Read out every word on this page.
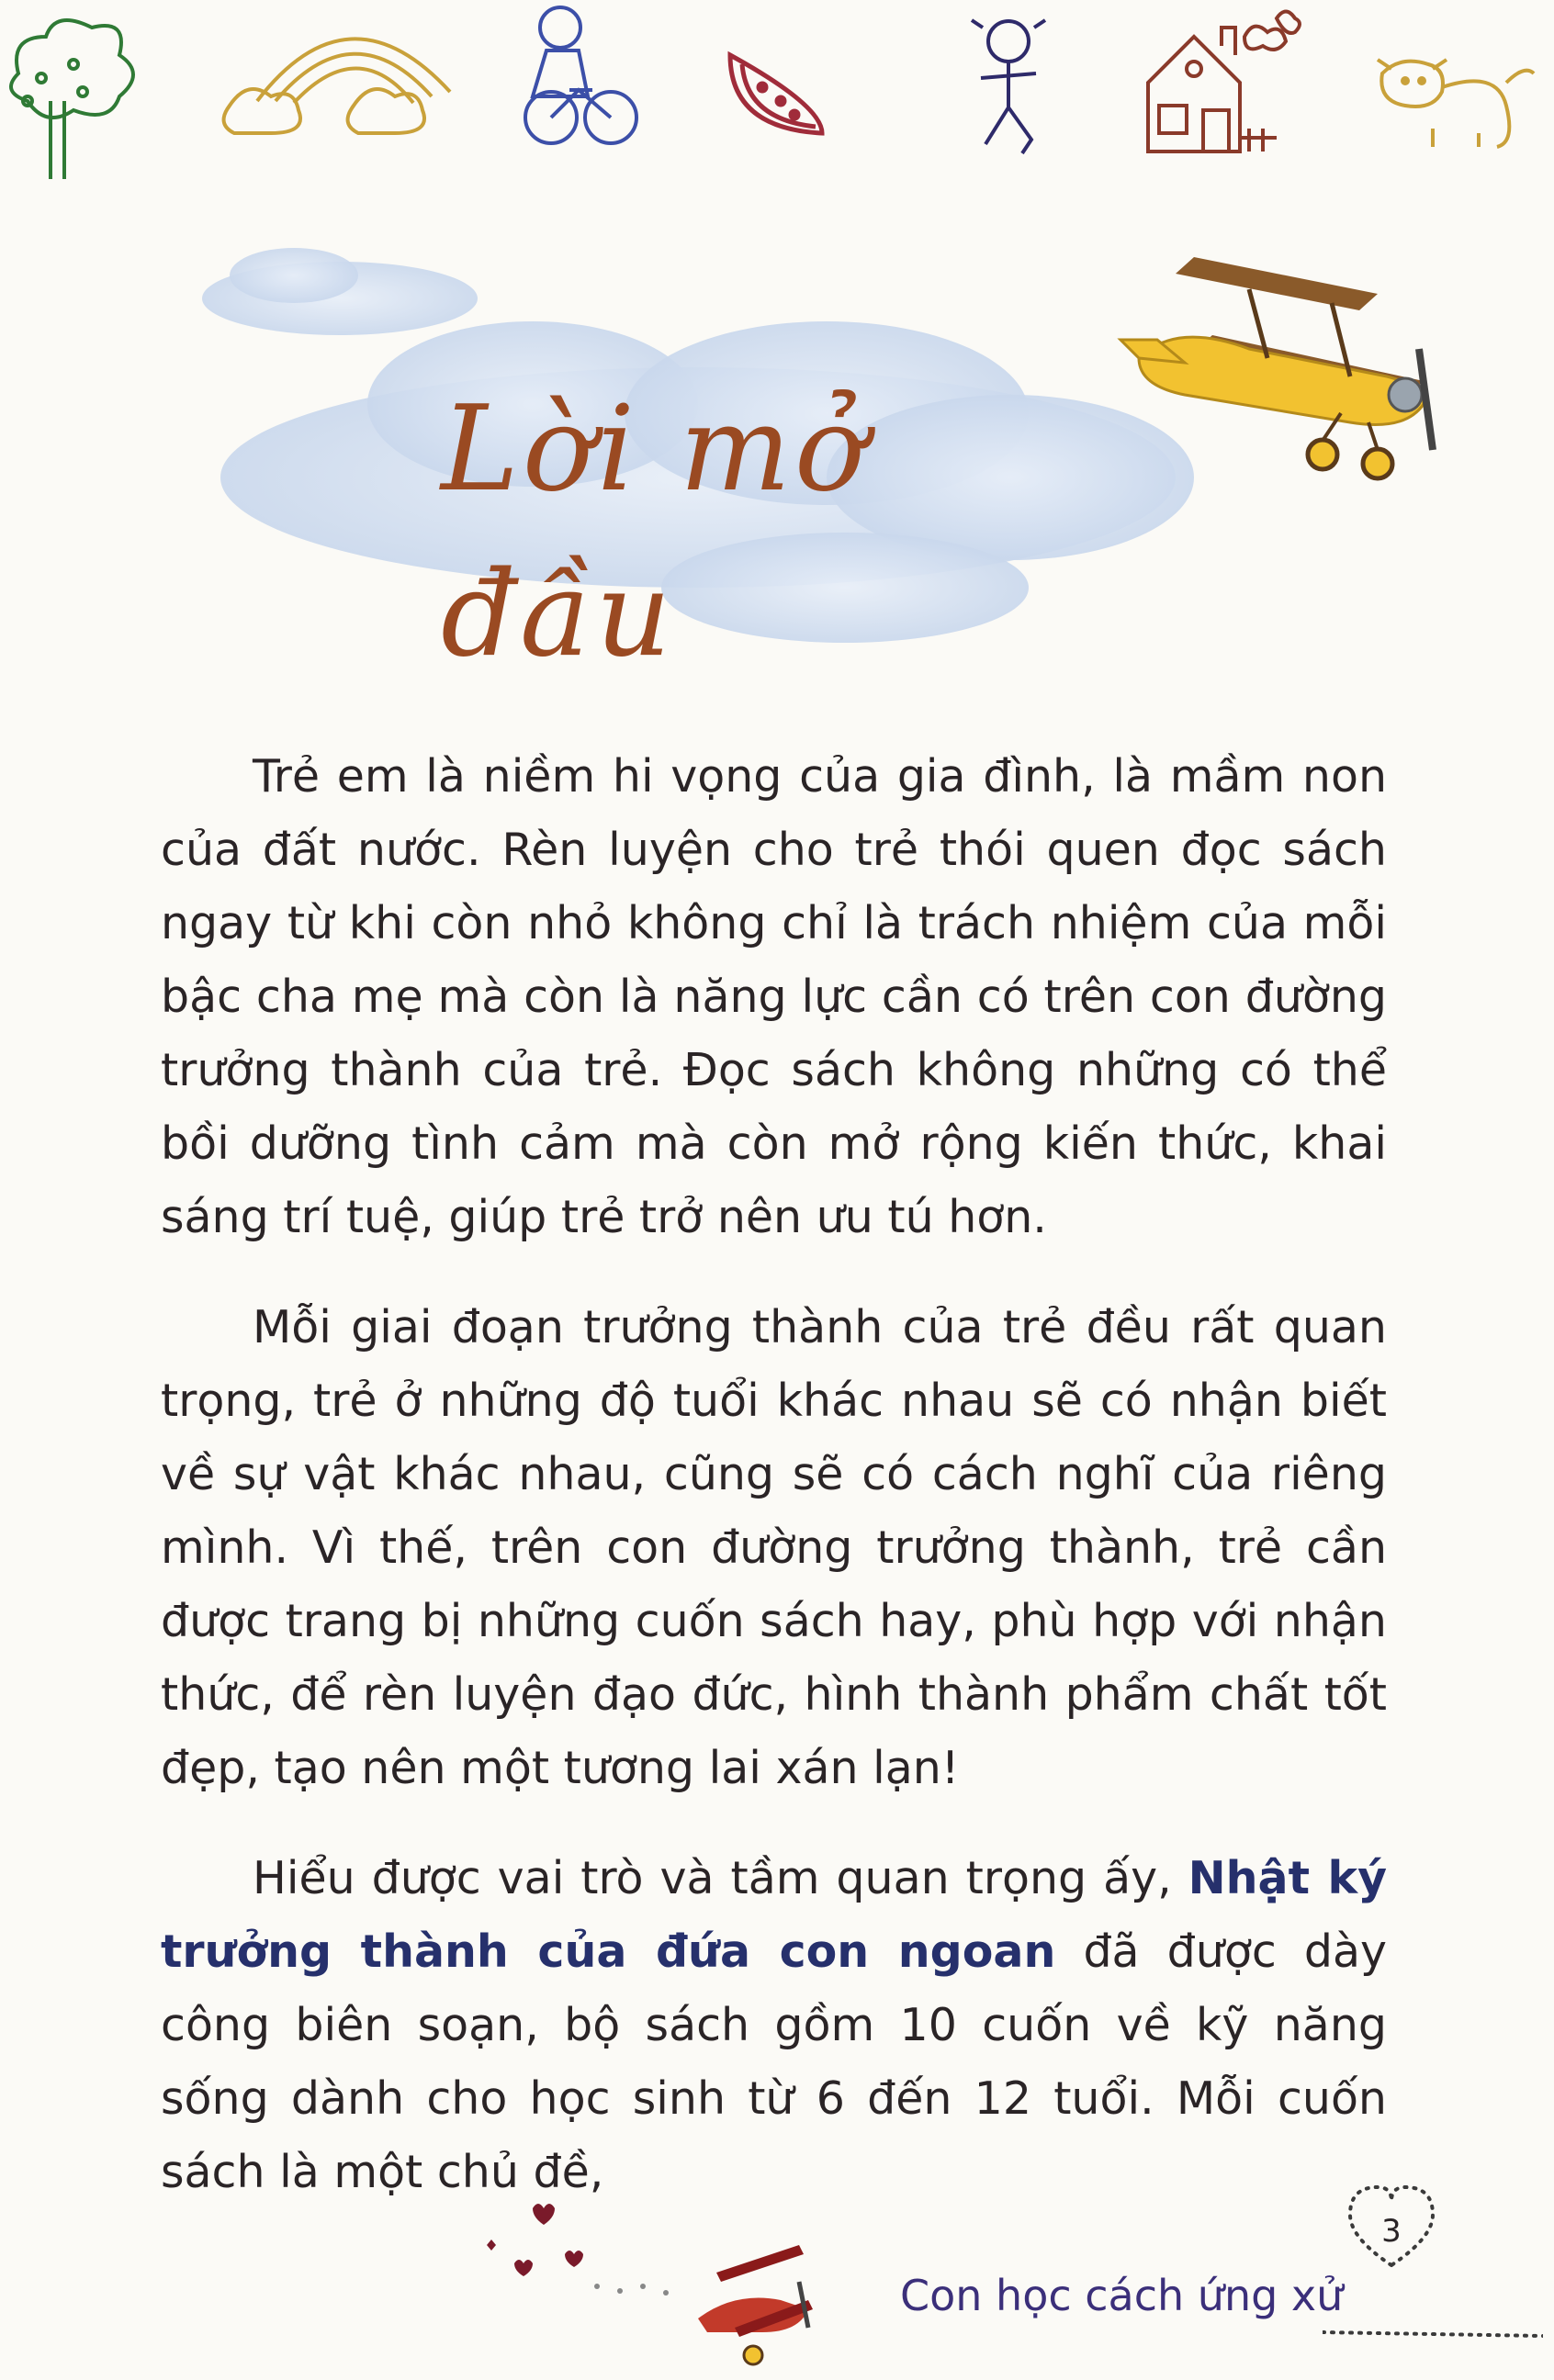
Lời mở đầu

Trẻ em là niềm hi vọng của gia đình, là mầm non của đất nước. Rèn luyện cho trẻ thói quen đọc sách ngay từ khi còn nhỏ không chỉ là trách nhiệm của mỗi bậc cha mẹ mà còn là năng lực cần có trên con đường trưởng thành của trẻ. Đọc sách không những có thể bồi dưỡng tình cảm mà còn mở rộng kiến thức, khai sáng trí tuệ, giúp trẻ trở nên ưu tú hơn.

Mỗi giai đoạn trưởng thành của trẻ đều rất quan trọng, trẻ ở những độ tuổi khác nhau sẽ có nhận biết về sự vật khác nhau, cũng sẽ có cách nghĩ của riêng mình. Vì thế, trên con đường trưởng thành, trẻ cần được trang bị những cuốn sách hay, phù hợp với nhận thức, để rèn luyện đạo đức, hình thành phẩm chất tốt đẹp, tạo nên một tương lai xán lạn!

Hiểu được vai trò và tầm quan trọng ấy, Nhật ký trưởng thành của đứa con ngoan đã được dày công biên soạn, bộ sách gồm 10 cuốn về kỹ năng sống dành cho học sinh từ 6 đến 12 tuổi. Mỗi cuốn sách là một chủ đề,

Con học cách ứng xử
3
